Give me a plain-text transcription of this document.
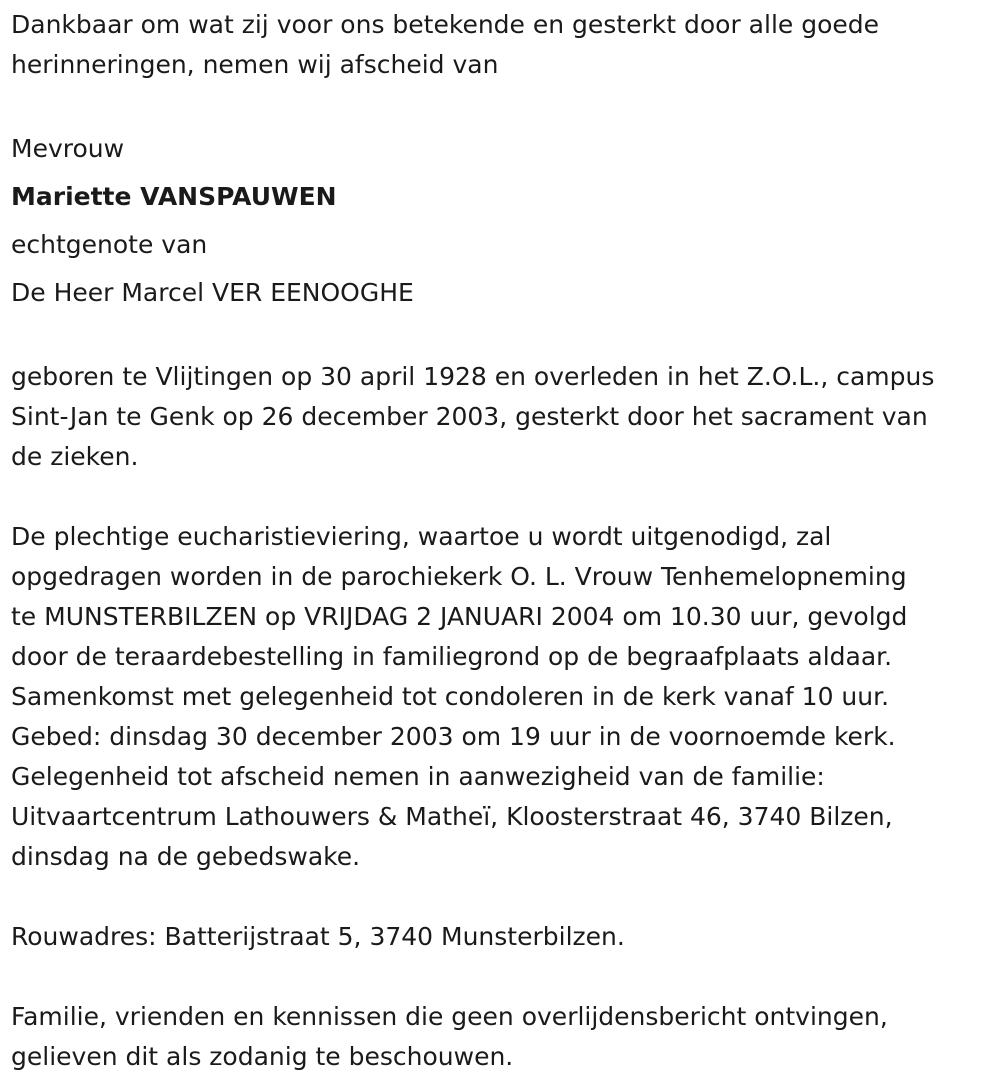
Dankbaar om wat zij voor ons betekende en gesterkt door alle goede
herinneringen, nemen wij afscheid van
Mevrouw
Mariette VANSPAUWEN
echtgenote van
De Heer Marcel VER EENOOGHE
geboren te Vlijtingen op 30 april 1928 en overleden in het Z.O.L., campus
Sint-Jan te Genk op 26 december 2003, gesterkt door het sacrament van
de zieken.
De plechtige eucharistieviering, waartoe u wordt uitgenodigd, zal
opgedragen worden in de parochiekerk O. L. Vrouw Tenhemelopneming
te MUNSTERBILZEN op VRIJDAG 2 JANUARI 2004 om 10.30 uur, gevolgd
door de teraardebestelling in familiegrond op de begraafplaats aldaar.
Samenkomst met gelegenheid tot condoleren in de kerk vanaf 10 uur.
Gebed: dinsdag 30 december 2003 om 19 uur in de voornoemde kerk.
Gelegenheid tot afscheid nemen in aanwezigheid van de familie:
Uitvaartcentrum Lathouwers & Matheï, Kloosterstraat 46, 3740 Bilzen,
dinsdag na de gebedswake.
Rouwadres: Batterijstraat 5, 3740 Munsterbilzen.
Familie, vrienden en kennissen die geen overlijdensbericht ontvingen,
gelieven dit als zodanig te beschouwen.
